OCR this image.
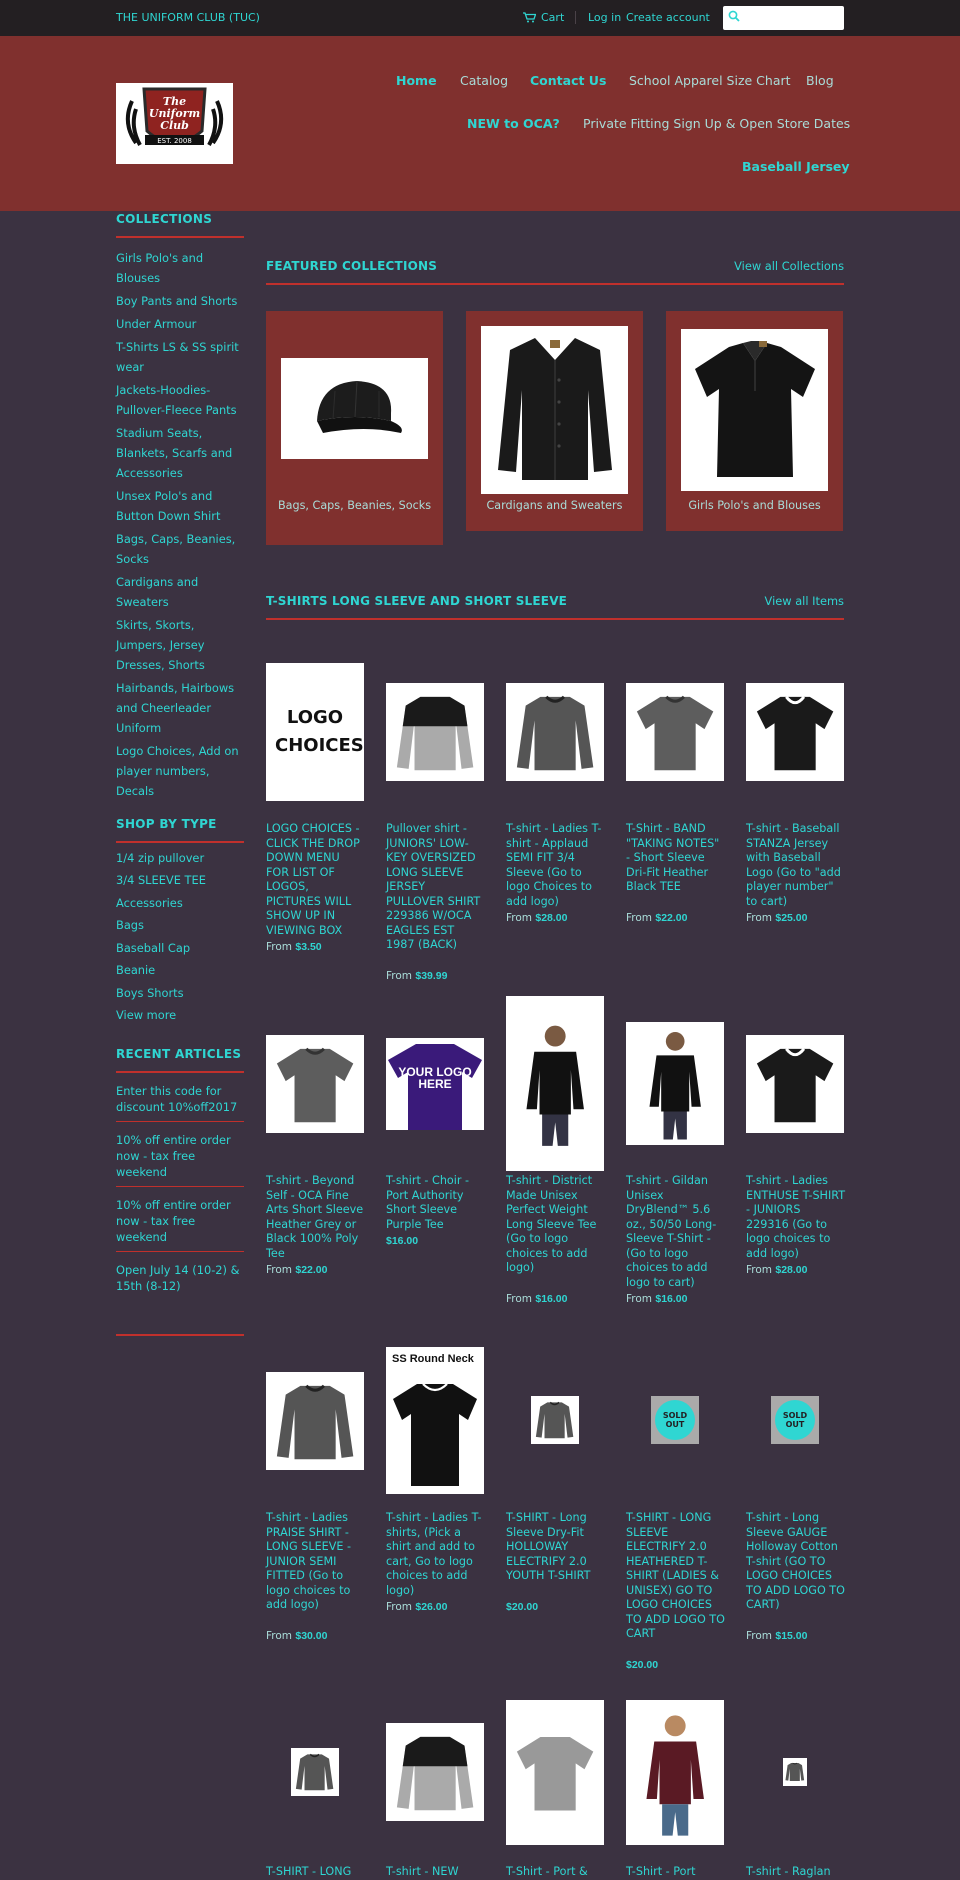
THE UNIFORM CLUB (TUC)	Cart Log in Create account
The
Uniform
Club
EST. 2008
Home Catalog Contact Us School Apparel Size Chart Blog
NEW to OCA? Private Fitting Sign Up & Open Store Dates
Baseball Jersey
COLLECTIONS
Girls Polo's and Blouses
Boy Pants and Shorts
Under Armour
T-Shirts LS & SS spirit wear
Jackets-Hoodies-Pullover-Fleece Pants
Stadium Seats, Blankets, Scarfs and Accessories
Unsex Polo's and Button Down Shirt
Bags, Caps, Beanies, Socks
Cardigans and Sweaters
Skirts, Skorts, Jumpers, Jersey Dresses, Shorts
Hairbands, Hairbows and Cheerleader Uniform
Logo Choices, Add on player numbers, Decals
SHOP BY TYPE
1/4 zip pullover
3/4 SLEEVE TEE
Accessories
Bags
Baseball Cap
Beanie
Boys Shorts
View more
RECENT ARTICLES
Enter this code for discount 10%off2017
10% off entire order now - tax free weekend
10% off entire order now - tax free weekend
Open July 14 (10-2) & 15th (8-12)
FEATURED COLLECTIONS	View all Collections
Bags, Caps, Beanies, Socks	Cardigans and Sweaters	Girls Polo's and Blouses
T-SHIRTS LONG SLEEVE AND SHORT SLEEVE	View all Items
LOGO CHOICES
LOGO CHOICES - CLICK THE DROP DOWN MENU FOR LIST OF LOGOS, PICTURES WILL SHOW UP IN VIEWING BOX
From $3.50
Pullover shirt - JUNIORS' LOW-KEY OVERSIZED LONG SLEEVE JERSEY PULLOVER SHIRT 229386 W/OCA EAGLES EST 1987 (BACK)
From $39.99
T-shirt - Ladies T-shirt - Applaud SEMI FIT 3/4 Sleeve (Go to logo Choices to add logo)
From $28.00
T-Shirt - BAND "TAKING NOTES" - Short Sleeve Dri-Fit Heather Black TEE
From $22.00
T-shirt - Baseball STANZA Jersey with Baseball Logo (Go to "add player number" to cart)
From $25.00
T-shirt - Beyond Self - OCA Fine Arts Short Sleeve Heather Grey or Black 100% Poly Tee
From $22.00
YOUR LOGO HERE
T-shirt - Choir - Port Authority Short Sleeve Purple Tee
$16.00
T-shirt - District Made Unisex Perfect Weight Long Sleeve Tee (Go to logo choices to add logo)
From $16.00
T-shirt - Gildan Unisex DryBlend™ 5.6 oz., 50/50 Long-Sleeve T-Shirt - (Go to logo choices to add logo to cart)
From $16.00
T-shirt - Ladies ENTHUSE T-SHIRT - JUNIORS 229316 (Go to logo choices to add logo)
From $28.00
T-shirt - Ladies PRAISE SHIRT - LONG SLEEVE - JUNIOR SEMI FITTED (Go to logo choices to add logo)
From $30.00
SS Round Neck
T-shirt - Ladies T-shirts, (Pick a shirt and add to cart, Go to logo choices to add logo)
From $26.00
T-SHIRT - Long Sleeve Dry-Fit HOLLOWAY ELECTRIFY 2.0 YOUTH T-SHIRT
$20.00
SOLD OUT
T-SHIRT - LONG SLEEVE ELECTRIFY 2.0 HEATHERED T-SHIRT (LADIES & UNISEX) GO TO LOGO CHOICES TO ADD LOGO TO CART
$20.00
SOLD OUT
T-shirt - Long Sleeve GAUGE Holloway Cotton T-shirt (GO TO LOGO CHOICES TO ADD LOGO TO CART)
From $15.00
T-SHIRT - LONG	T-shirt - NEW	T-Shirt - Port &	T-Shirt - Port	T-shirt - Raglan
